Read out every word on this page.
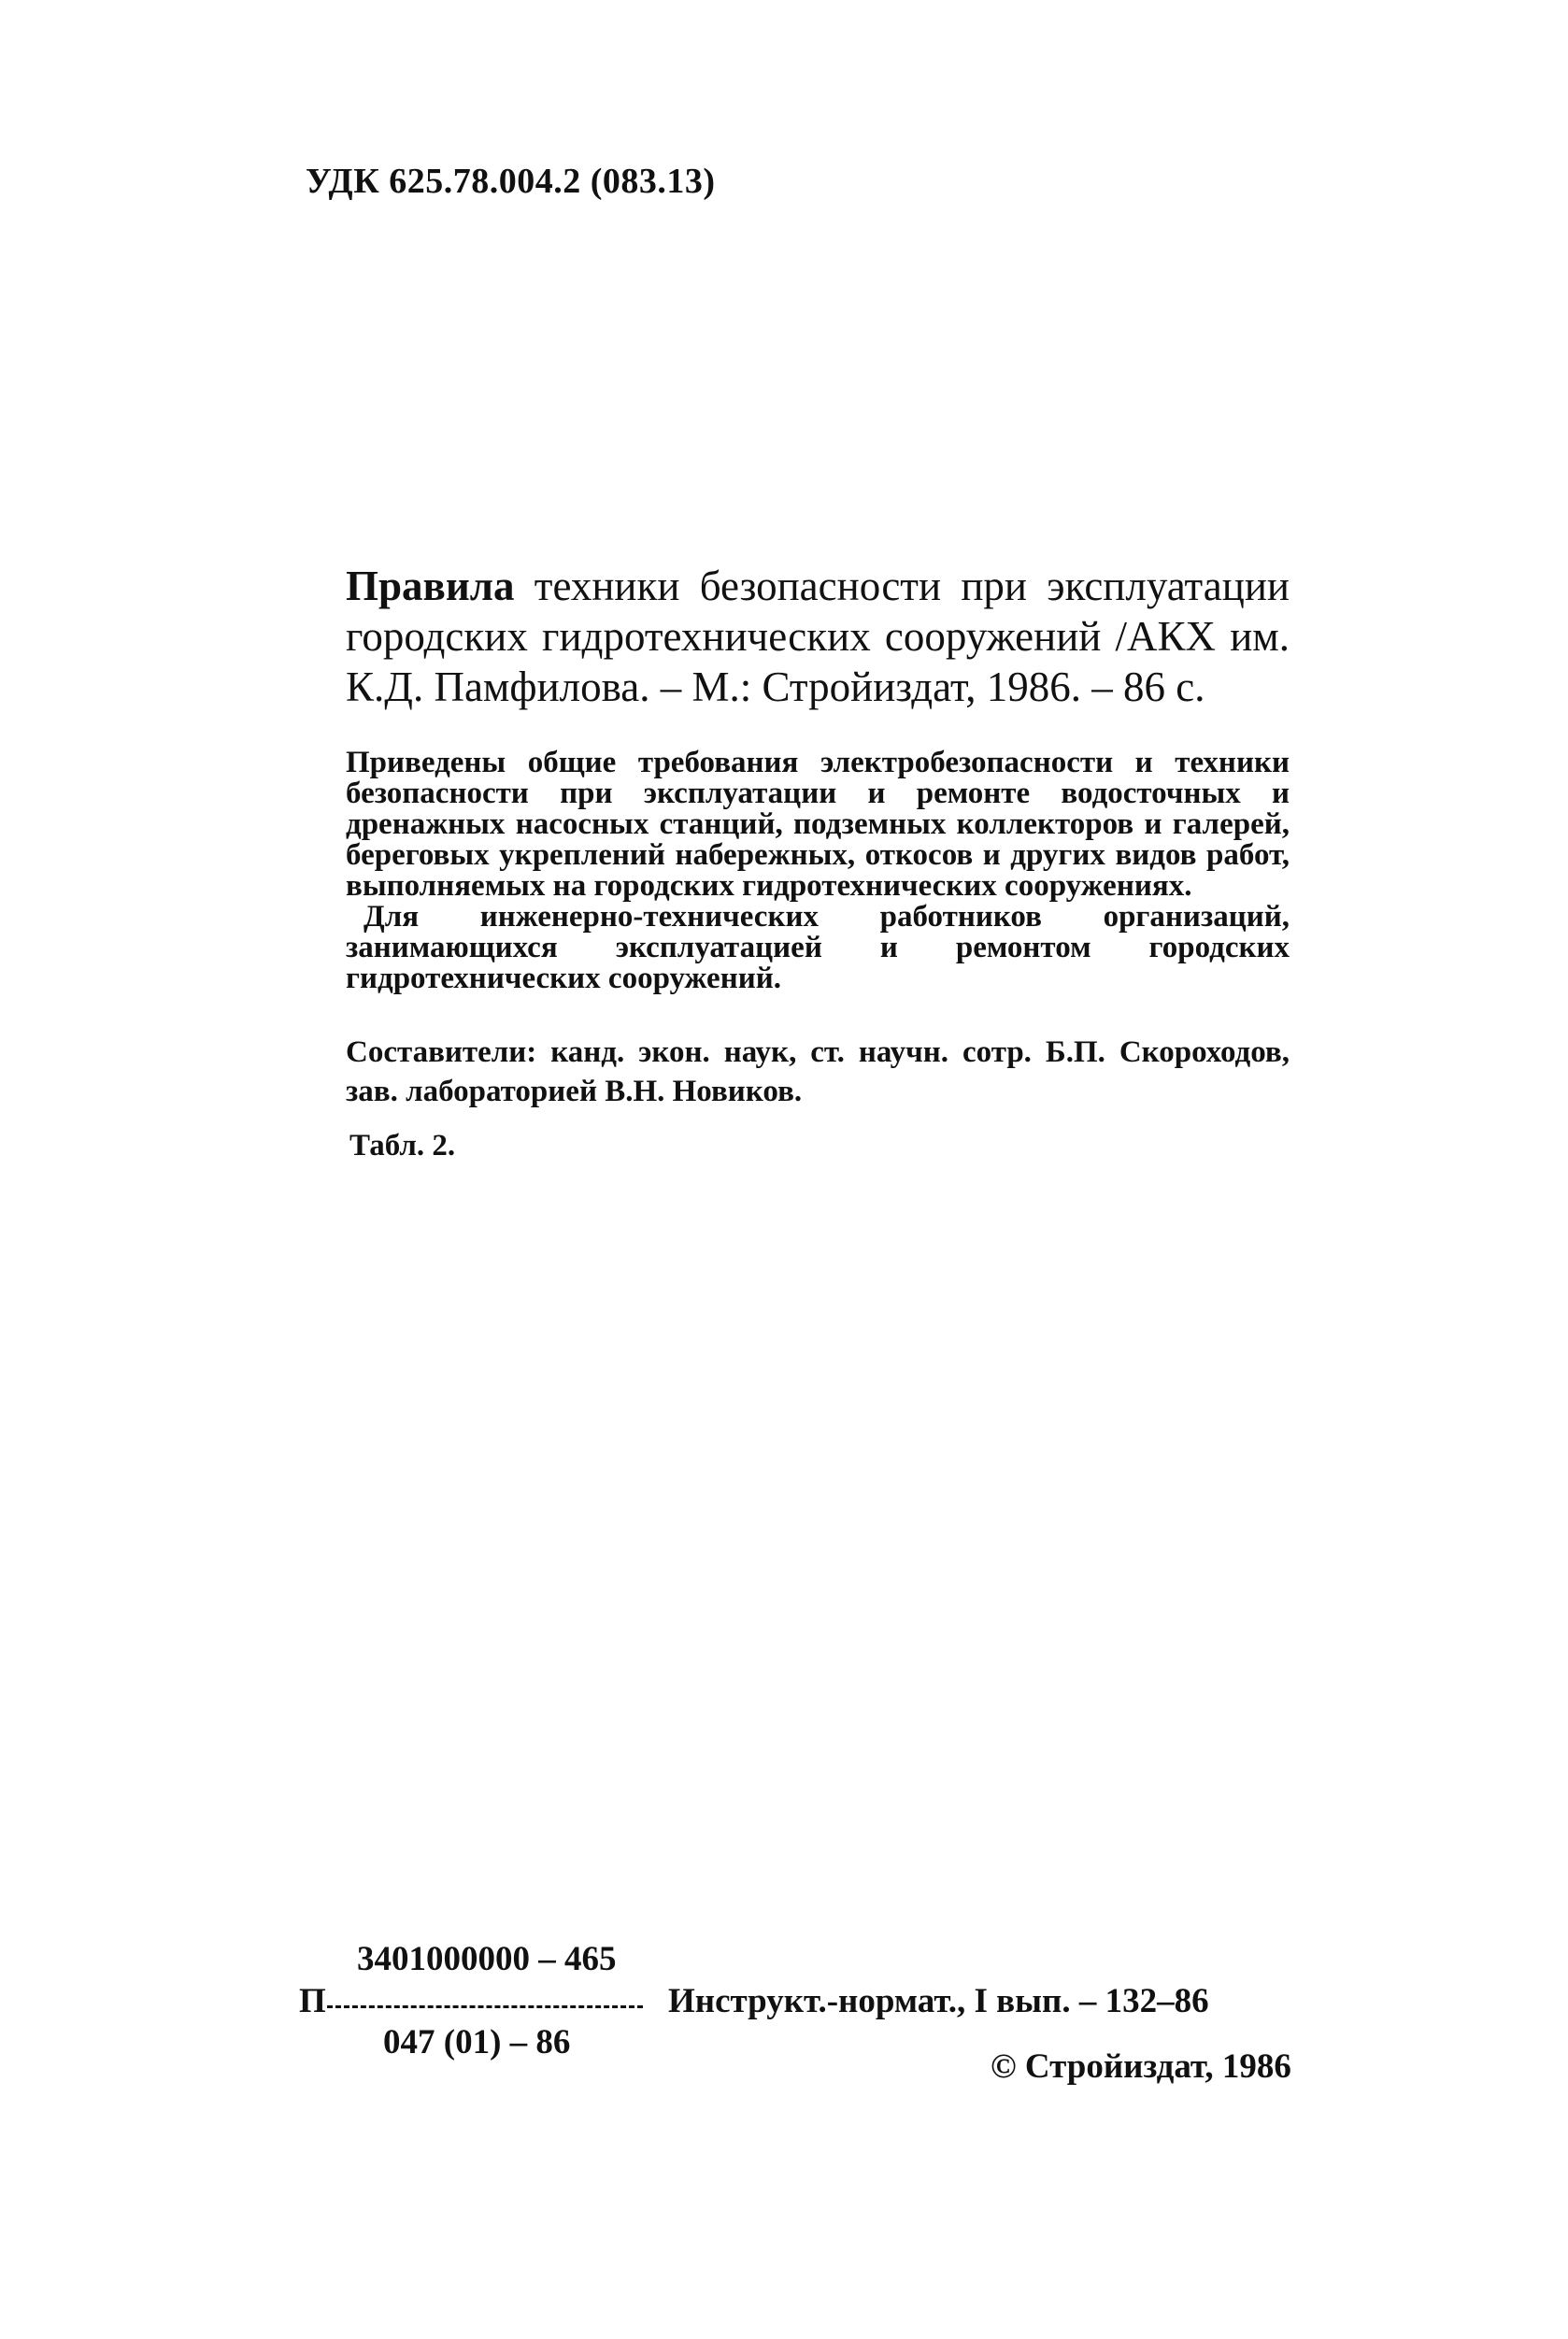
УДК 625.78.004.2 (083.13)
Правила техники безопасности при эксплуатации городских гидротехнических сооружений /АКХ им. К.Д. Памфилова. – М.: Стройиздат, 1986. – 86 с.

Приведены общие требования электробезопасности и техники безопасности при эксплуатации и ремонте водосточных и дренажных насосных станций, подземных коллекторов и галерей, береговых укреплений набережных, откосов и других видов работ, выполняемых на городских гидротехнических сооружениях.

Для инженерно-технических работников организаций, занимающихся эксплуатацией и ремонтом городских гидротехнических сооружений.

Составители: канд. экон. наук, ст. научн. сотр. Б.П. Скороходов, зав. лабораторией В.Н. Новиков.

Табл. 2.
3401000000 – 465
П
047 (01) – 86
Инструкт.-нормат., I вып. – 132–86
© Стройиздат, 1986
